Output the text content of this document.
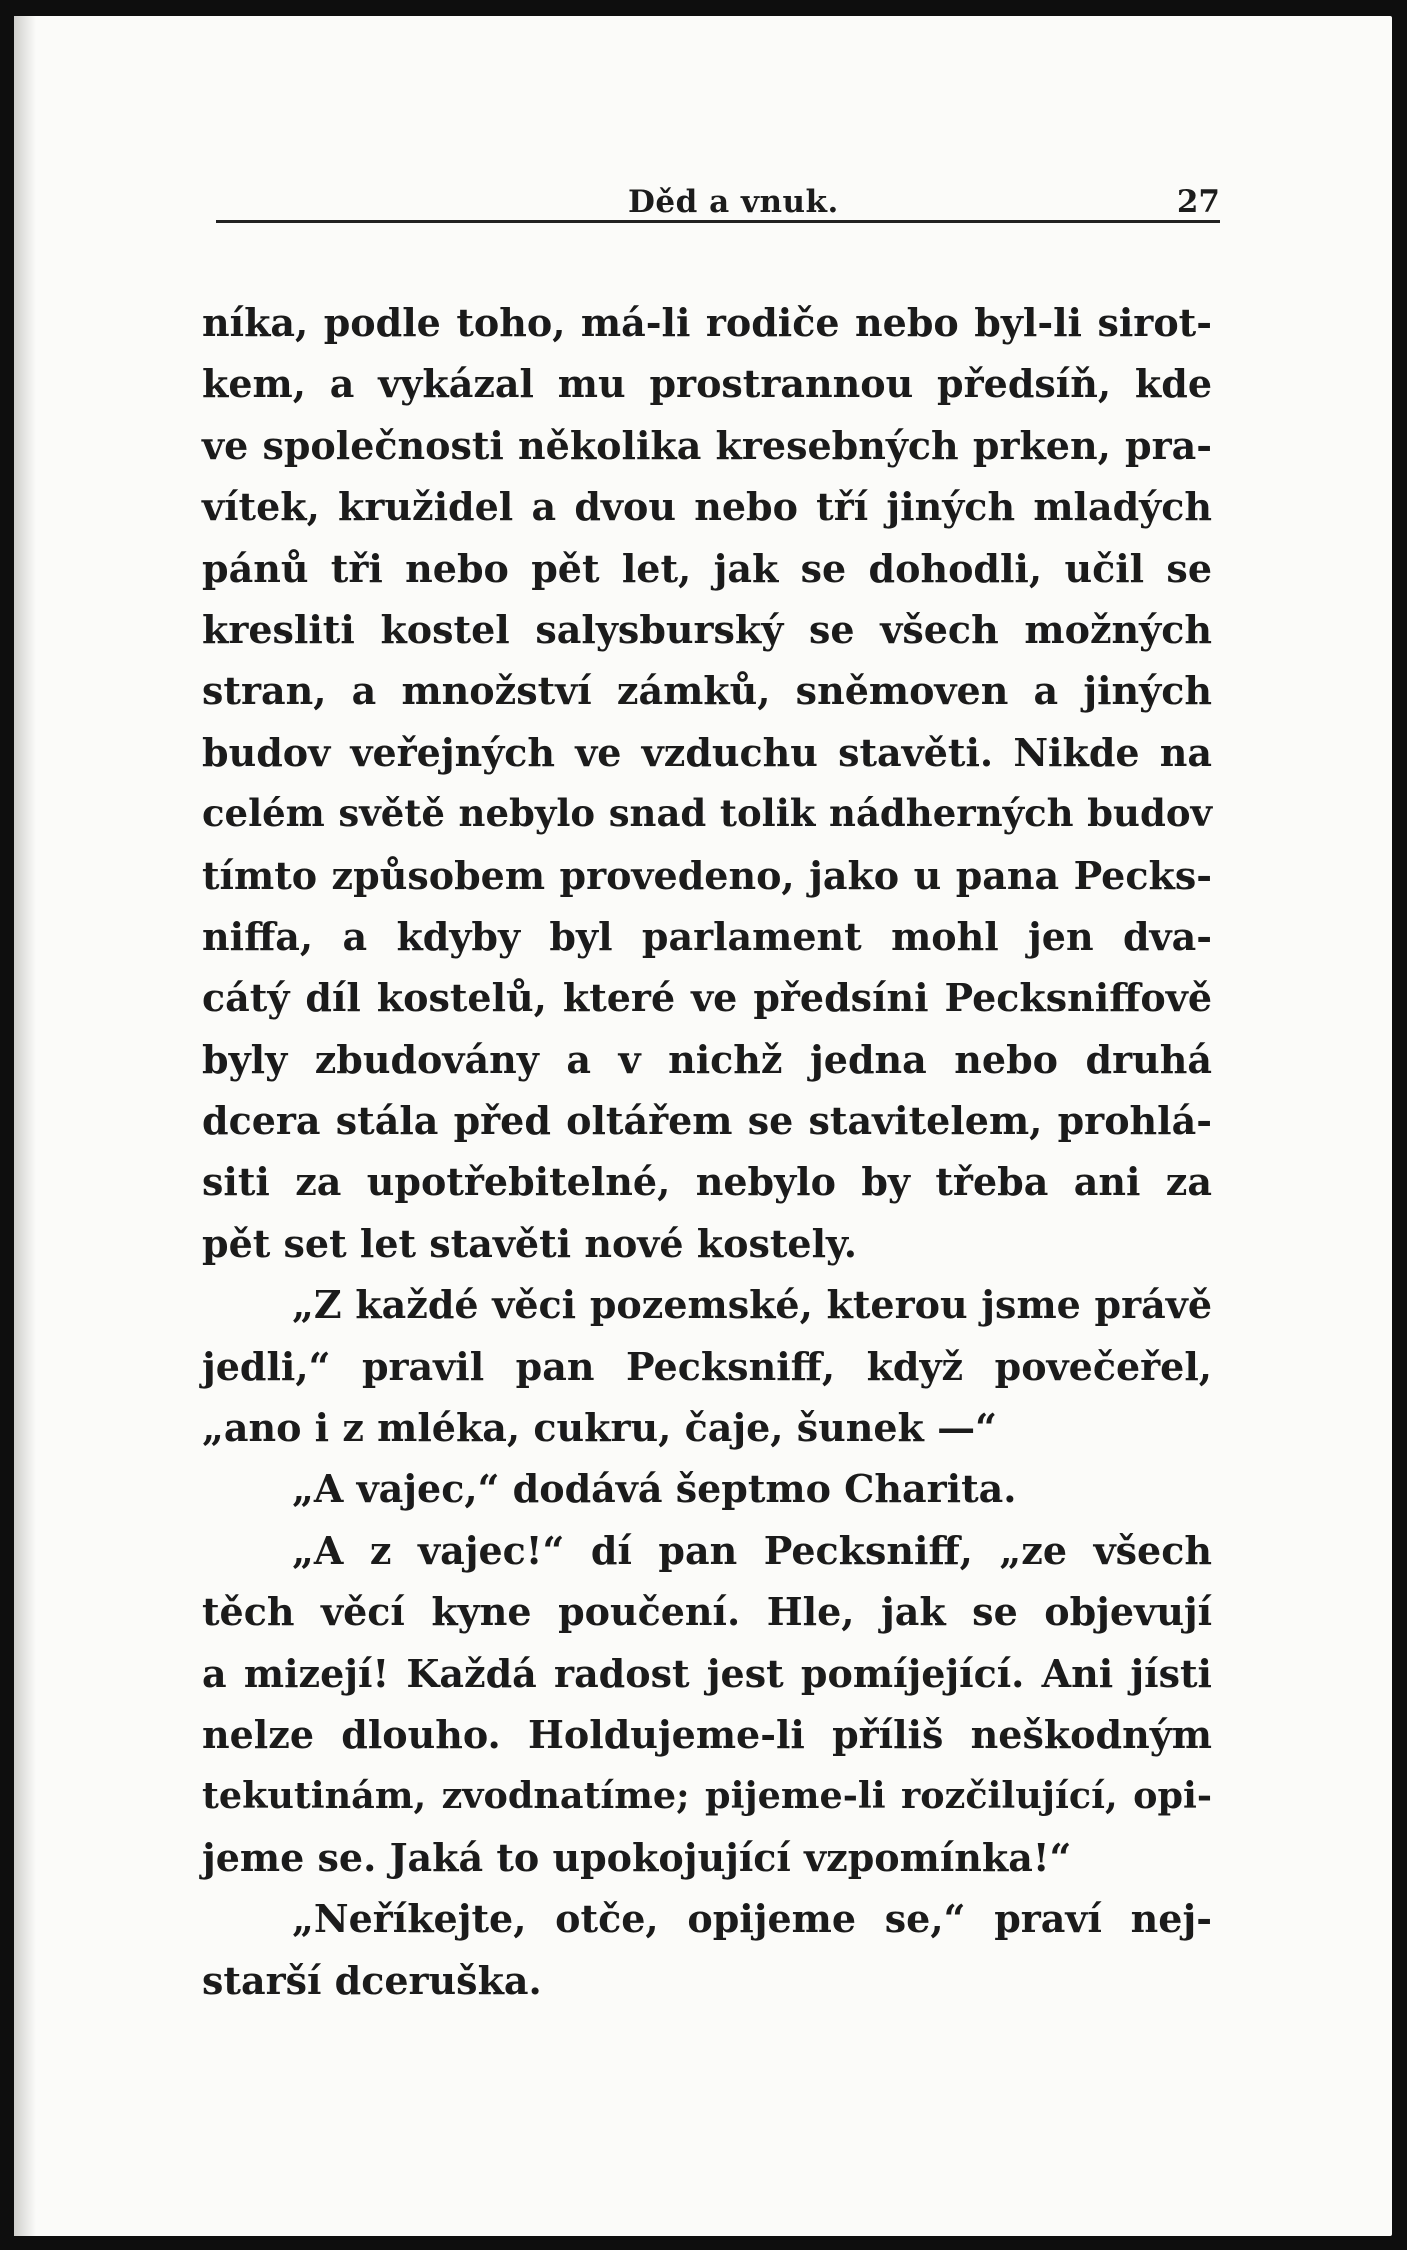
Děd a vnuk.	27
níka, podle toho, má-li rodiče nebo byl-li sirot-
kem, a vykázal mu prostrannou předsíň, kde
ve společnosti několika kresebných prken, pra-
vítek, kružidel a dvou nebo tří jiných mladých
pánů tři nebo pět let, jak se dohodli, učil se
kresliti kostel salysburský se všech možných
stran, a množství zámků, sněmoven a jiných
budov veřejných ve vzduchu stavěti. Nikde na
celém světě nebylo snad tolik nádherných budov
tímto způsobem provedeno, jako u pana Pecks-
niffa, a kdyby byl parlament mohl jen dva-
cátý díl kostelů, které ve předsíni Pecksniffově
byly zbudovány a v nichž jedna nebo druhá
dcera stála před oltářem se stavitelem, prohlá-
siti za upotřebitelné, nebylo by třeba ani za
pět set let stavěti nové kostely.
„Z každé věci pozemské, kterou jsme právě
jedli,“ pravil pan Pecksniff, když povečeřel,
„ano i z mléka, cukru, čaje, šunek —“
„A vajec,“ dodává šeptmo Charita.
„A z vajec!“ dí pan Pecksniff, „ze všech
těch věcí kyne poučení. Hle, jak se objevují
a mizejí! Každá radost jest pomíjející. Ani jísti
nelze dlouho. Holdujeme-li příliš neškodným
tekutinám, zvodnatíme; pijeme-li rozčilující, opi-
jeme se. Jaká to upokojující vzpomínka!“
„Neříkejte, otče, opijeme se,“ praví nej-
starší dceruška.
